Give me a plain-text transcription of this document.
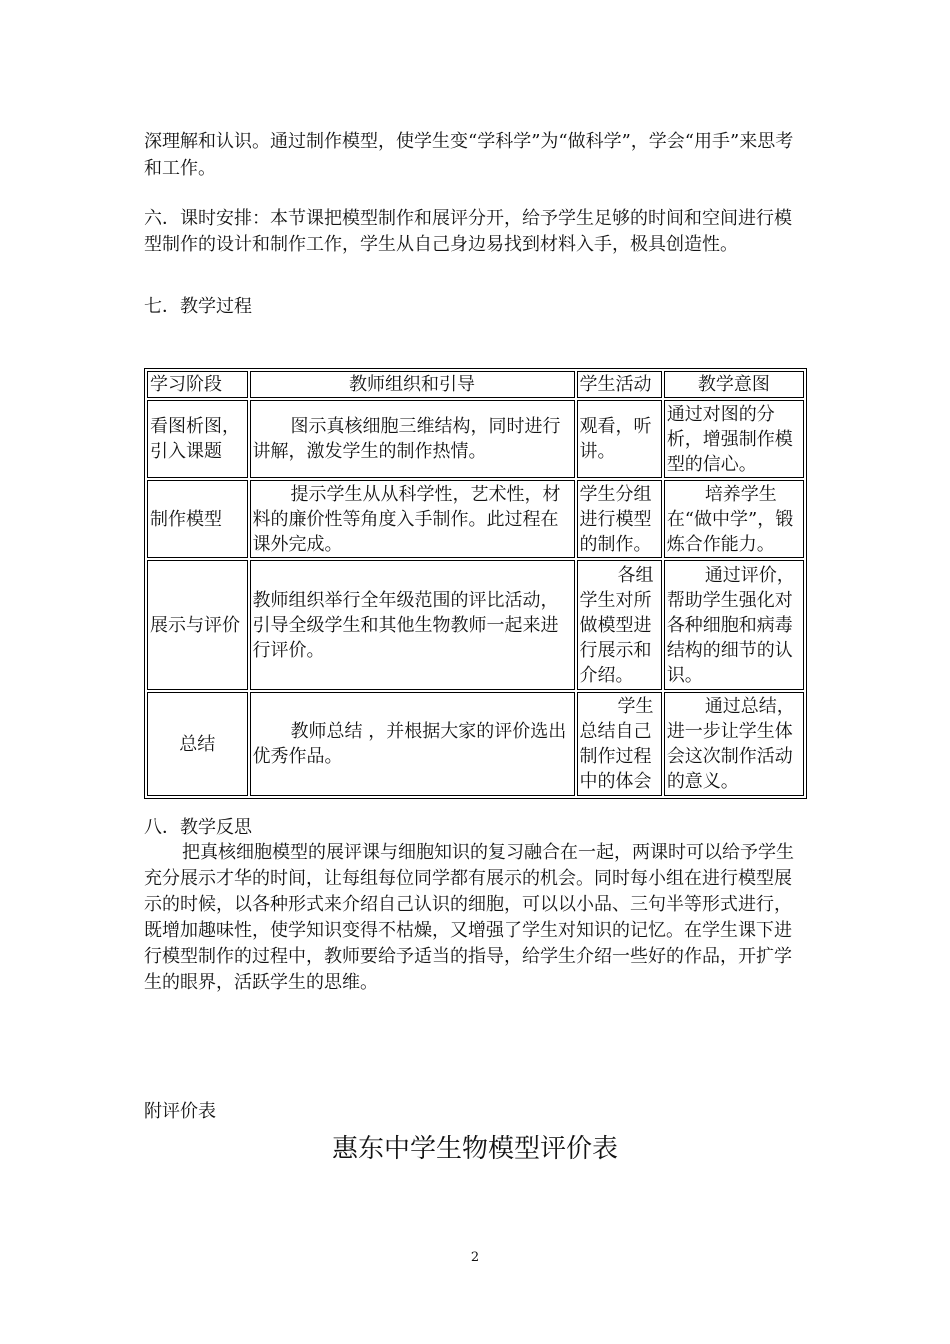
深理解和认识。通过制作模型，使学生变“学科学”为“做科学”，学会“用手”来思考和工作。

六．课时安排：本节课把模型制作和展评分开，给予学生足够的时间和空间进行模型制作的设计和制作工作，学生从自己身边易找到材料入手，极具创造性。

七．教学过程

学习阶段	教师组织和引导	学生活动	教学意图
看图析图，引入课题	图示真核细胞三维结构，同时进行讲解，激发学生的制作热情。	观看，听讲。	通过对图的分析，增强制作模型的信心。
制作模型	提示学生从从科学性，艺术性，材料的廉价性等角度入手制作。此过程在课外完成。	学生分组进行模型的制作。	培养学生在“做中学”，锻炼合作能力。
展示与评价	教师组织举行全年级范围的评比活动，引导全级学生和其他生物教师一起来进行评价。	各组学生对所做模型进行展示和介绍。	通过评价，帮助学生强化对各种细胞和病毒结构的细节的认识。
总结	教师总结 ，并根据大家的评价选出优秀作品。	学生总结自己制作过程中的体会	通过总结，进一步让学生体会这次制作活动的意义。

八．教学反思

把真核细胞模型的展评课与细胞知识的复习融合在一起，两课时可以给予学生充分展示才华的时间，让每组每位同学都有展示的机会。同时每小组在进行模型展示的时候，以各种形式来介绍自己认识的细胞，可以以小品、三句半等形式进行，既增加趣味性，使学知识变得不枯燥，又增强了学生对知识的记忆。在学生课下进行模型制作的过程中，教师要给予适当的指导，给学生介绍一些好的作品，开扩学生的眼界，活跃学生的思维。

附评价表

惠东中学生物模型评价表
2
